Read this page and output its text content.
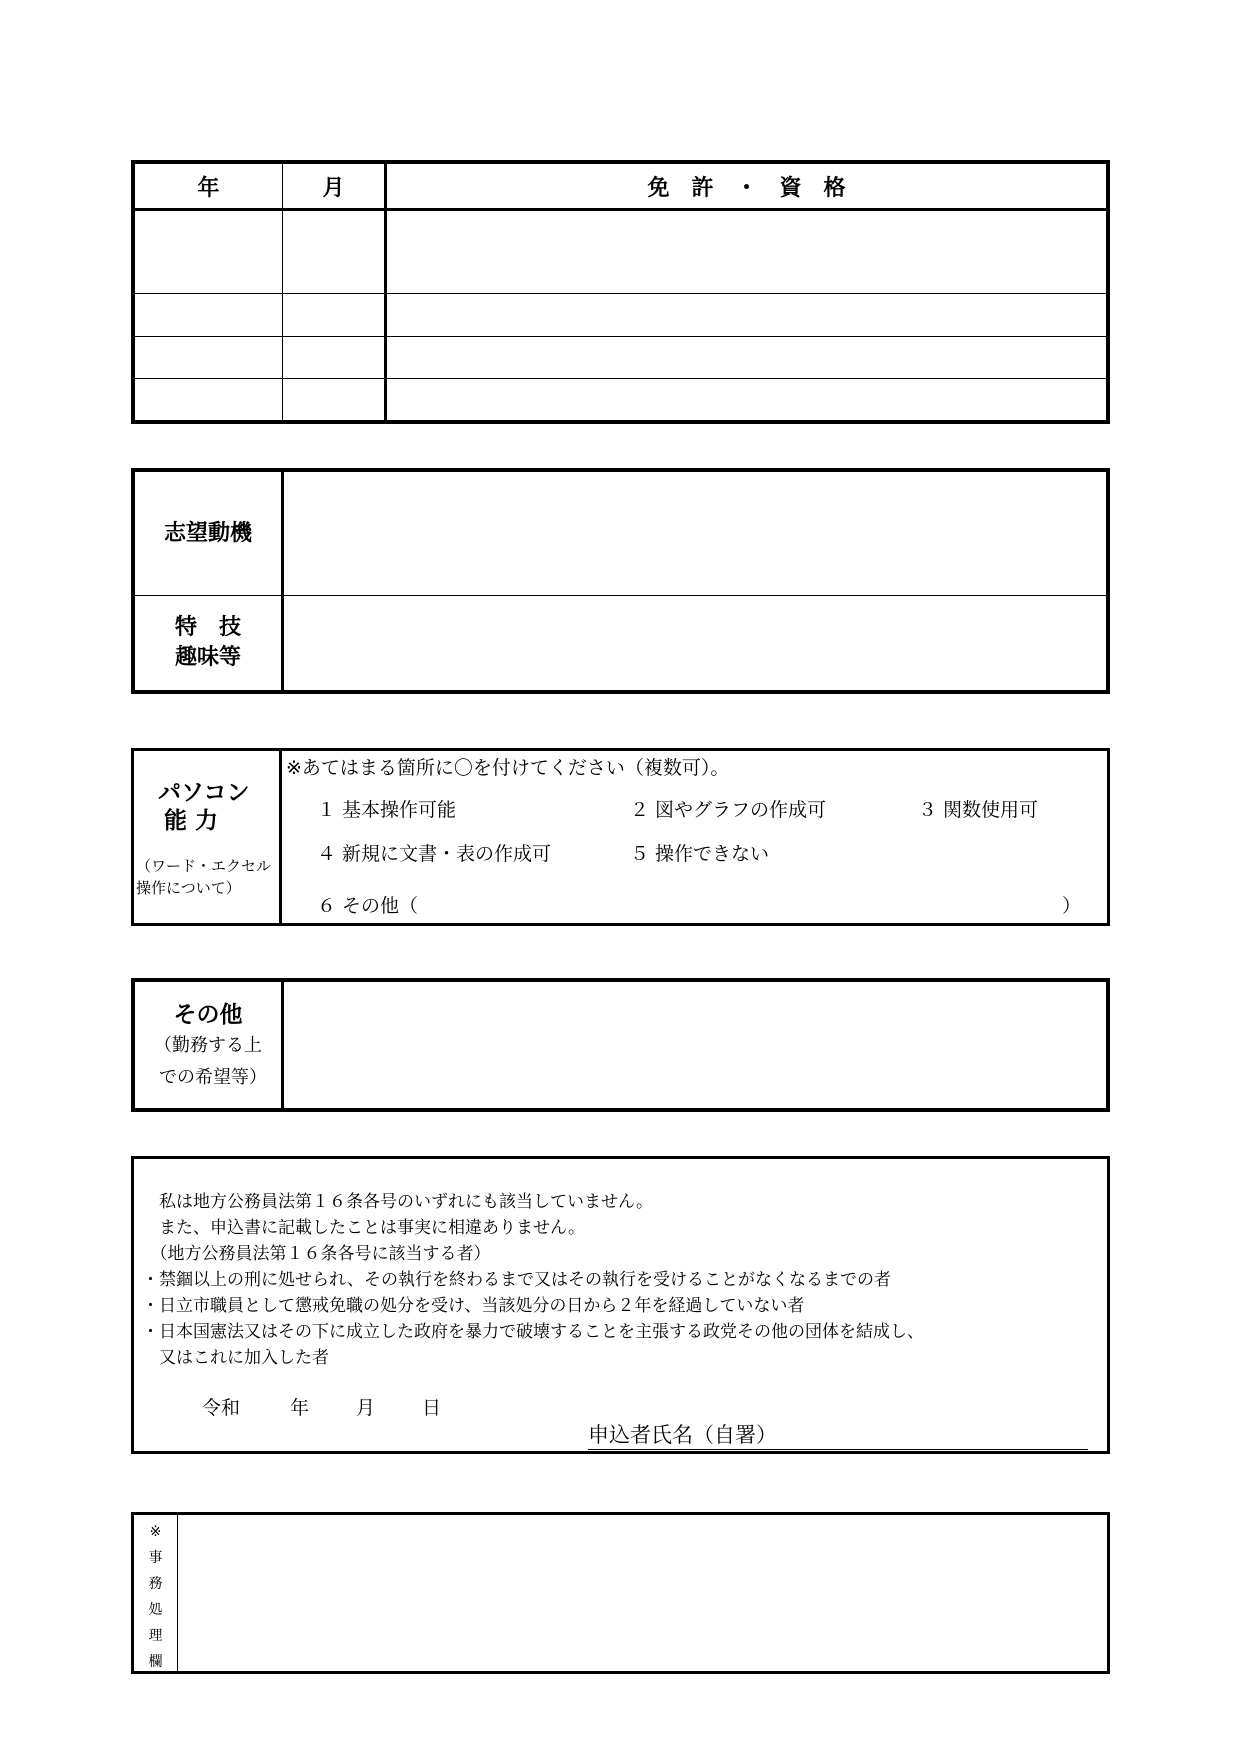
年	月	免　許　・　資　格

志望動機	

特　技
趣味等	

パソコン
能 力
（ワード・エクセル
操作について）
※あてはまる箇所に〇を付けてください（複数可）。
１ 基本操作可能	２ 図やグラフの作成可	３ 関数使用可
４ 新規に文書・表の作成可	５ 操作できない
６ その他（	）
その他
（勤務する上
での希望等）

　私は地方公務員法第１６条各号のいずれにも該当していません。
　また、申込書に記載したことは事実に相違ありません。
　（地方公務員法第１６条各号に該当する者）
・禁錮以上の刑に処せられ、その執行を終わるまで又はその執行を受けることがなくなるまでの者
・日立市職員として懲戒免職の処分を受け、当該処分の日から２年を経過していない者
・日本国憲法又はその下に成立した政府を暴力で破壊することを主張する政党その他の団体を結成し、
　又はこれに加入した者
令和	年 月 日
申込者氏名（自署）
※
事
務
処
理
欄
